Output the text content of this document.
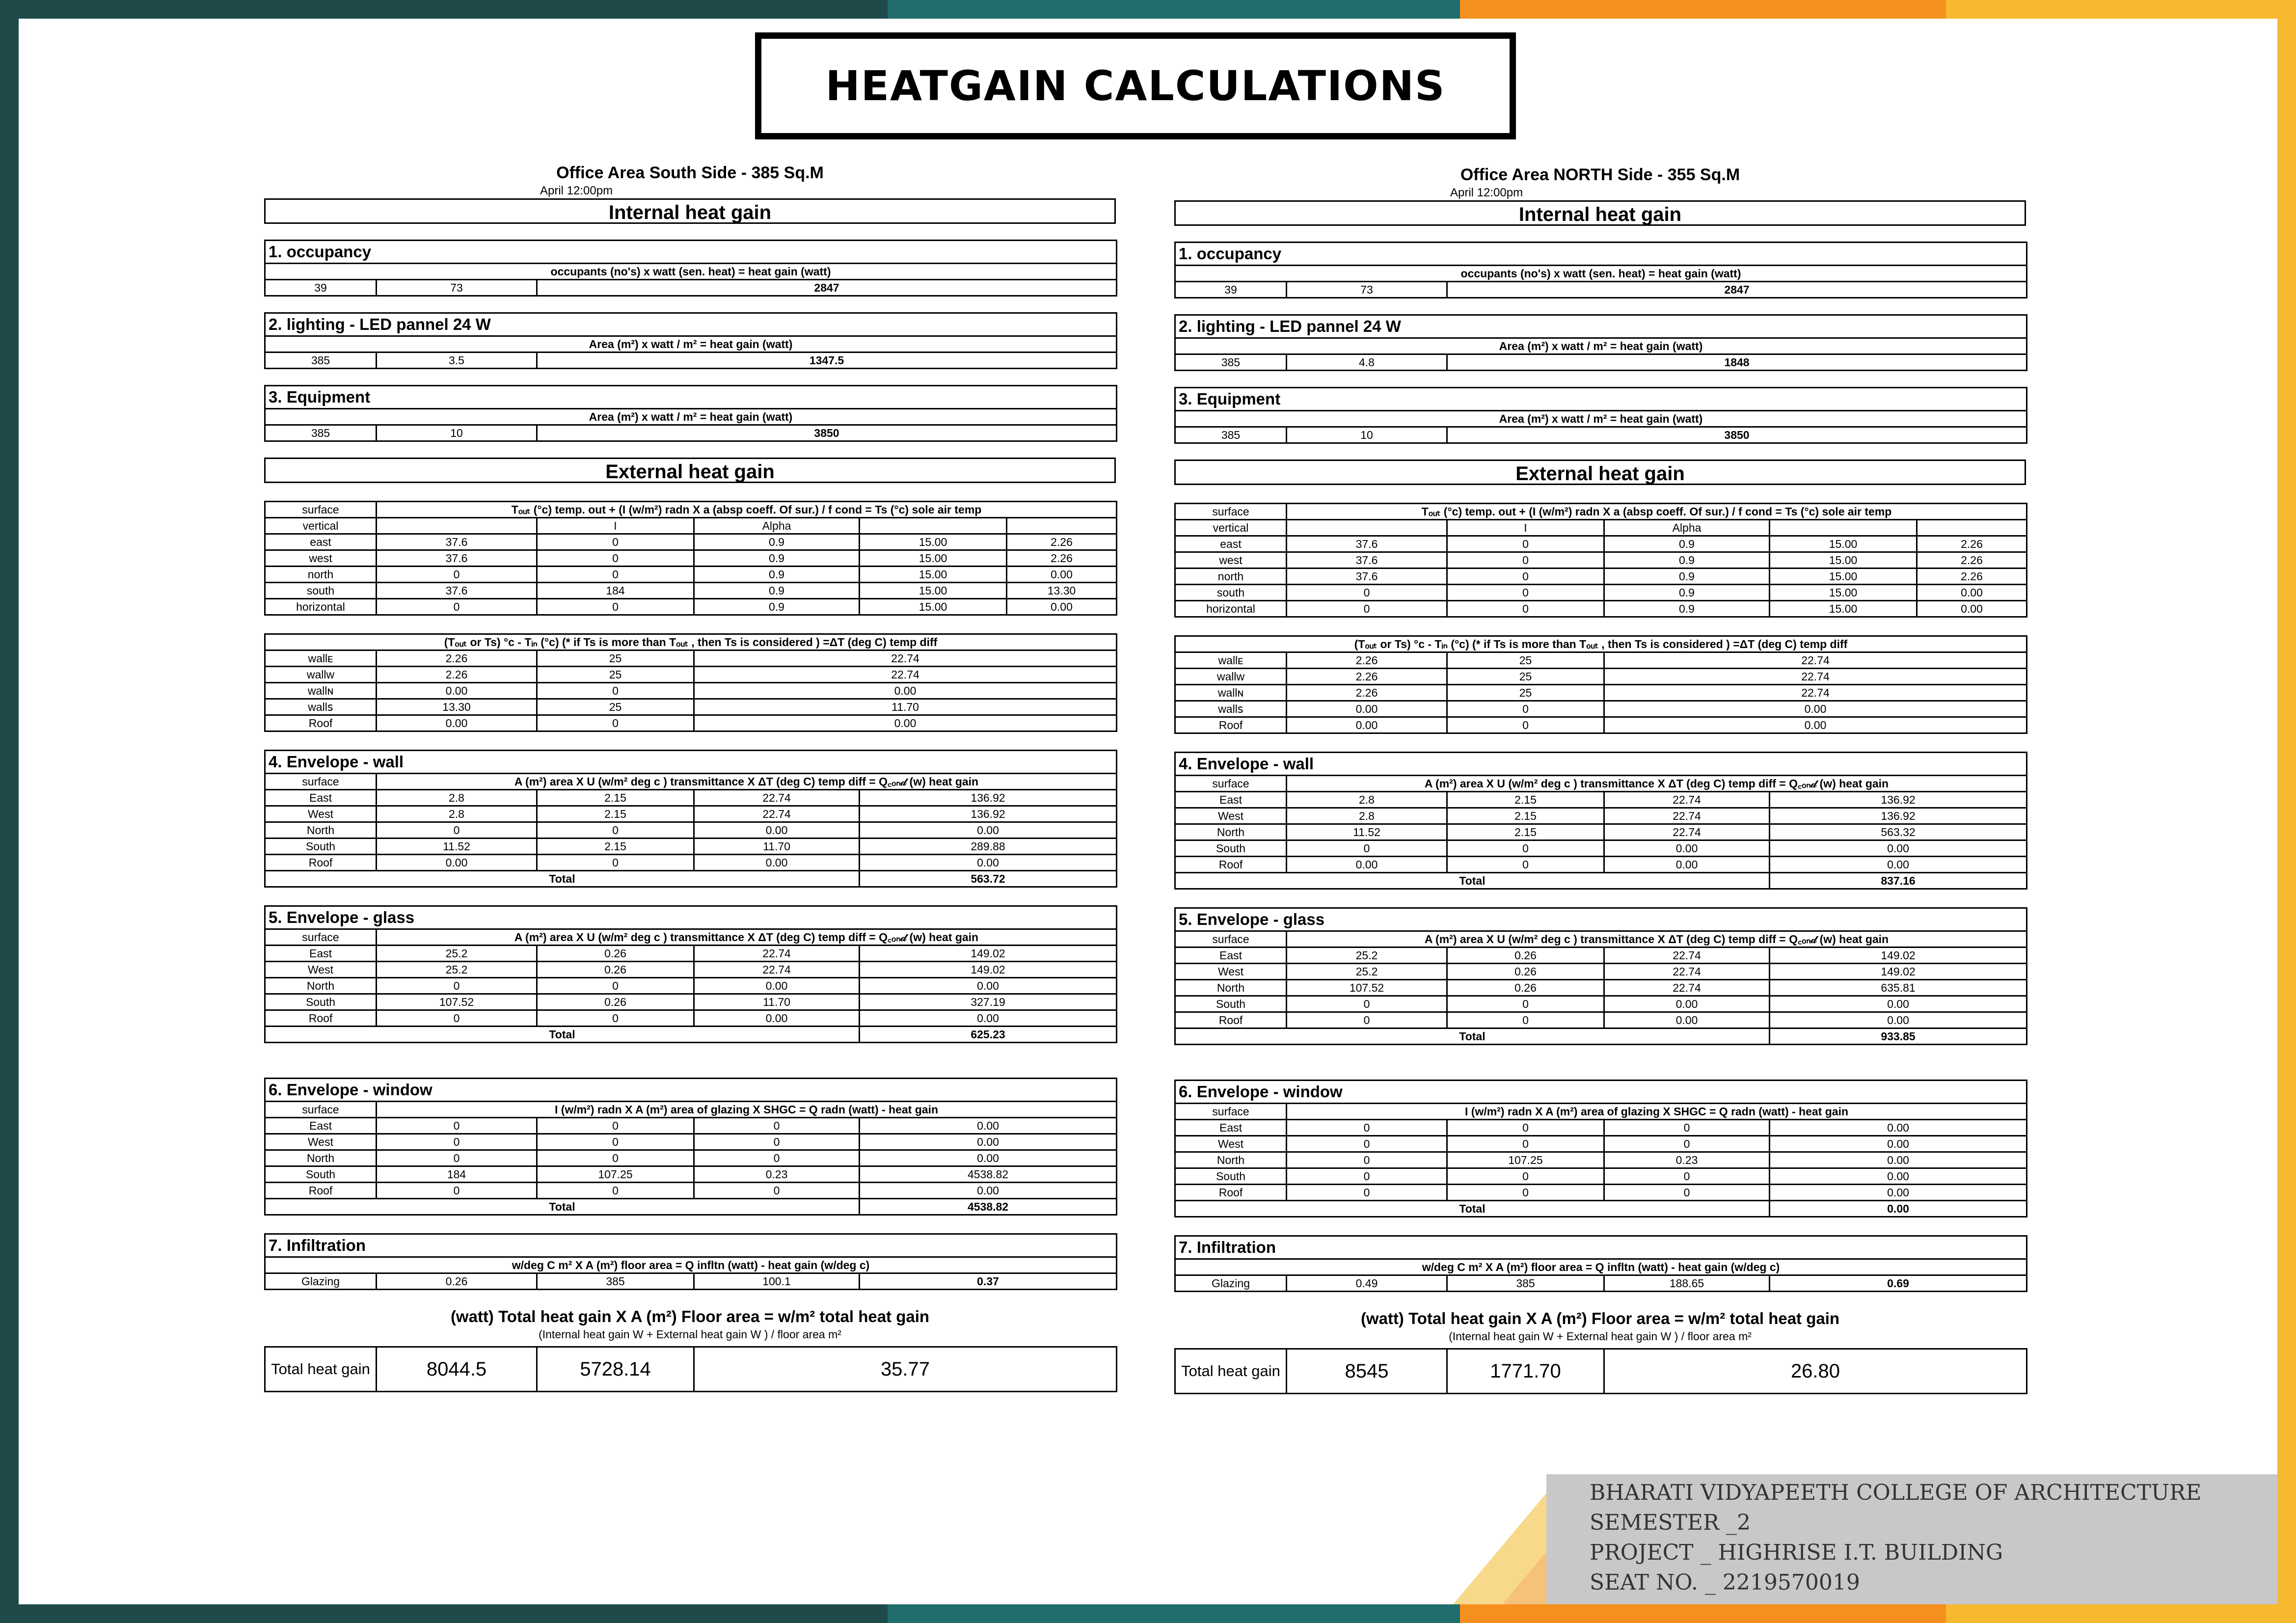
HEATGAIN CALCULATIONS
Office Area South Side - 385 Sq.M
April 12:00pm
Internal heat gain
1. occupancy
occupants (no's) x watt (sen. heat) = heat gain (watt)
39	73	2847
2. lighting - LED pannel 24 W
Area (m²) x watt / m² = heat gain (watt)
385	3.5	1347.5
3. Equipment
Area (m²) x watt / m² = heat gain (watt)
385	10	3850
External heat gain
surface	Tₒᵤₜ (°c) temp. out + (I (w/m²) radn X a (absp coeff. Of sur.) / f cond = Ts (°c) sole air temp				
vertical		I	Alpha		
east	37.6	0	0.9	15.00	2.26
west	37.6	0	0.9	15.00	2.26
north	0	0	0.9	15.00	0.00
south	37.6	184	0.9	15.00	13.30
horizontal	0	0	0.9	15.00	0.00
(Tₒᵤₜ or Ts) °c - Tᵢₙ (°c) (* if Ts is more than Tₒᵤₜ , then Ts is considered ) =ΔT (deg C) temp diff			
wallᴇ	2.26	25	22.74
wallᴡ	2.26	25	22.74
wallɴ	0.00	0	0.00
wallꜱ	13.30	25	11.70
Roof	0.00	0	0.00
4. Envelope - wall				
surface	A (m²) area X U (w/m² deg c ) transmittance X ΔT (deg C) temp diff = Q꜀ₒₙ𝒹 (w) heat gain			
East	2.8	2.15	22.74	136.92
West	2.8	2.15	22.74	136.92
North	0	0	0.00	0.00
South	11.52	2.15	11.70	289.88
Roof	0.00	0	0.00	0.00
Total				563.72
5. Envelope - glass				
surface	A (m²) area X U (w/m² deg c ) transmittance X ΔT (deg C) temp diff = Q꜀ₒₙ𝒹 (w) heat gain			
East	25.2	0.26	22.74	149.02
West	25.2	0.26	22.74	149.02
North	0	0	0.00	0.00
South	107.52	0.26	11.70	327.19
Roof	0	0	0.00	0.00
Total				625.23
6. Envelope - window				
surface	I (w/m²) radn X A (m²) area of glazing X SHGC = Q radn (watt) - heat gain			
East	0	0	0	0.00
West	0	0	0	0.00
North	0	0	0	0.00
South	184	107.25	0.23	4538.82
Roof	0	0	0	0.00
Total				4538.82
7. Infiltration
w/deg C m² X A (m²) floor area = Q infltn (watt) - heat gain (w/deg c)
Glazing	0.26	385	100.1	0.37
(watt) Total heat gain X A (m²) Floor area = w/m² total heat gain
(Internal heat gain W + External heat gain W ) / floor area m²
Total heat gain	8044.5	5728.14	35.77
Office Area NORTH Side - 355 Sq.M
April 12:00pm
Internal heat gain
1. occupancy
occupants (no's) x watt (sen. heat) = heat gain (watt)
39	73	2847
2. lighting - LED pannel 24 W
Area (m²) x watt / m² = heat gain (watt)
385	4.8	1848
3. Equipment
Area (m²) x watt / m² = heat gain (watt)
385	10	3850
External heat gain
surface	Tₒᵤₜ (°c) temp. out + (I (w/m²) radn X a (absp coeff. Of sur.) / f cond = Ts (°c) sole air temp				
vertical		I	Alpha		
east	37.6	0	0.9	15.00	2.26
west	37.6	0	0.9	15.00	2.26
north	37.6	0	0.9	15.00	2.26
south	0	0	0.9	15.00	0.00
horizontal	0	0	0.9	15.00	0.00
(Tₒᵤₜ or Ts) °c - Tᵢₙ (°c) (* if Ts is more than Tₒᵤₜ , then Ts is considered ) =ΔT (deg C) temp diff			
wallᴇ	2.26	25	22.74
wallᴡ	2.26	25	22.74
wallɴ	2.26	25	22.74
wallꜱ	0.00	0	0.00
Roof	0.00	0	0.00
4. Envelope - wall				
surface	A (m²) area X U (w/m² deg c ) transmittance X ΔT (deg C) temp diff = Q꜀ₒₙ𝒹 (w) heat gain			
East	2.8	2.15	22.74	136.92
West	2.8	2.15	22.74	136.92
North	11.52	2.15	22.74	563.32
South	0	0	0.00	0.00
Roof	0.00	0	0.00	0.00
Total				837.16
5. Envelope - glass				
surface	A (m²) area X U (w/m² deg c ) transmittance X ΔT (deg C) temp diff = Q꜀ₒₙ𝒹 (w) heat gain			
East	25.2	0.26	22.74	149.02
West	25.2	0.26	22.74	149.02
North	107.52	0.26	22.74	635.81
South	0	0	0.00	0.00
Roof	0	0	0.00	0.00
Total				933.85
6. Envelope - window				
surface	I (w/m²) radn X A (m²) area of glazing X SHGC = Q radn (watt) - heat gain			
East	0	0	0	0.00
West	0	0	0	0.00
North	0	107.25	0.23	0.00
South	0	0	0	0.00
Roof	0	0	0	0.00
Total				0.00
7. Infiltration
w/deg C m² X A (m²) floor area = Q infltn (watt) - heat gain (w/deg c)
Glazing	0.49	385	188.65	0.69
(watt) Total heat gain X A (m²) Floor area = w/m² total heat gain
(Internal heat gain W + External heat gain W ) / floor area m²
Total heat gain	8545	1771.70	26.80
BHARATI VIDYAPEETH COLLEGE OF ARCHITECTURE
SEMESTER _2
PROJECT _ HIGHRISE I.T. BUILDING
SEAT NO. _ 2219570019
